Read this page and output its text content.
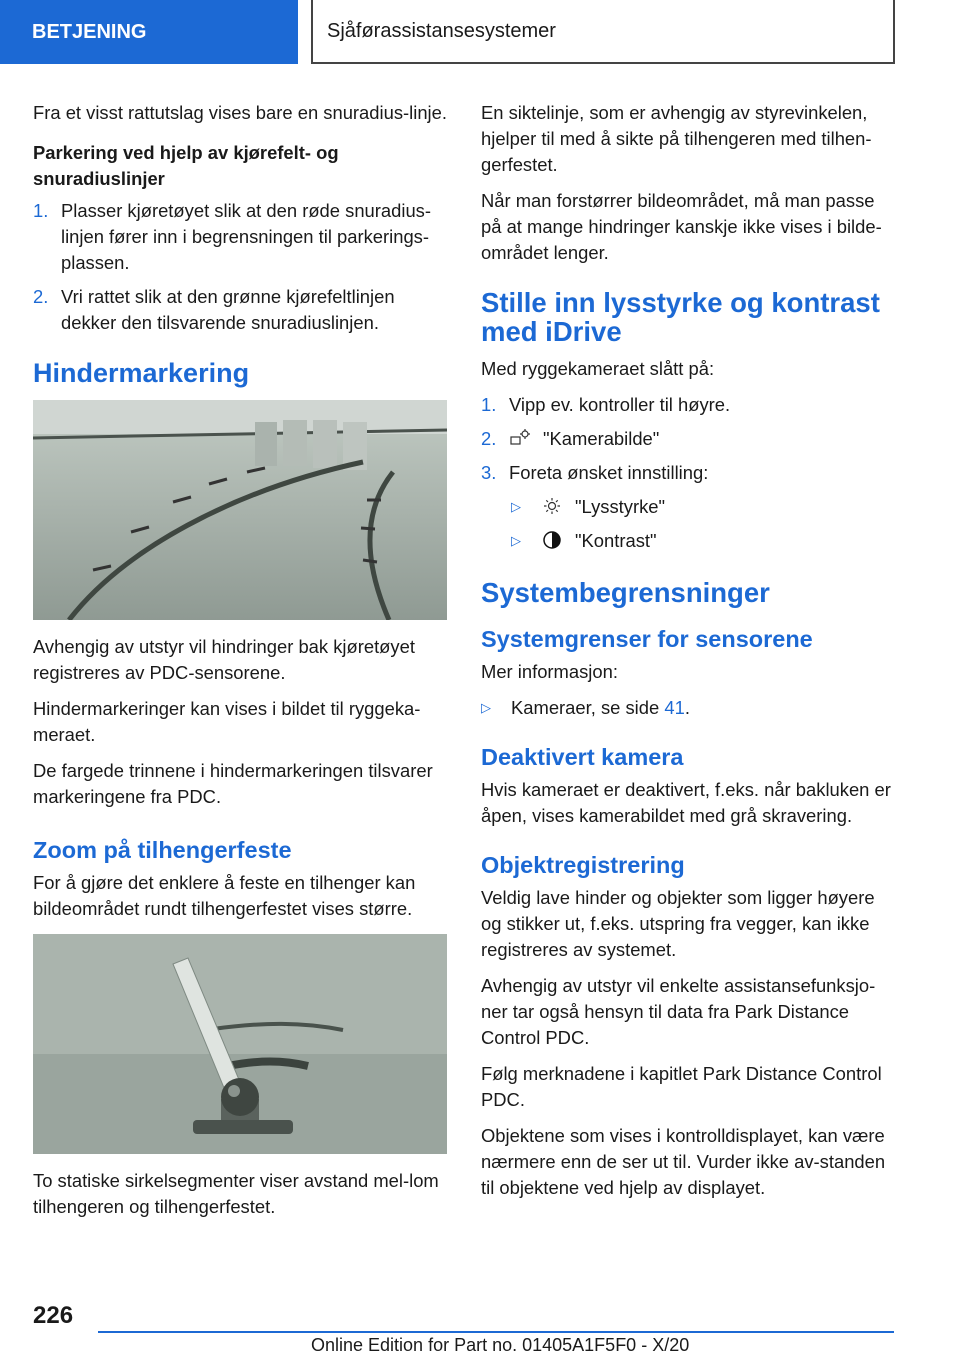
BETJENING	Sjåførassistansesystemer

Fra et visst rattutslag vises bare en snuradius-linje.

Parkering ved hjelp av kjørefelt- og snuradiuslinjer

1. Plasser kjøretøyet slik at den røde snuradius-linjen fører inn i begrensningen til parkerings-plassen.
2. Vri rattet slik at den grønne kjørefeltlinjen dekker den tilsvarende snuradiuslinjen.
Hindermarkering

Avhengig av utstyr vil hindringer bak kjøretøyet registreres av PDC-sensorene.

Hindermarkeringer kan vises i bildet til ryggeka-meraet.

De fargede trinnene i hindermarkeringen tilsvarer markeringene fra PDC.

Zoom på tilhengerfeste

For å gjøre det enklere å feste en tilhenger kan bildeområdet rundt tilhengerfestet vises større.

To statiske sirkelsegmenter viser avstand mel-lom tilhengeren og tilhengerfestet.

En siktelinje, som er avhengig av styrevinkelen, hjelper til med å sikte på tilhengeren med tilhen-gerfestet.

Når man forstørrer bildeområdet, må man passe på at mange hindringer kanskje ikke vises i bilde-området lenger.

Stille inn lysstyrke og kontrast med iDrive

Med ryggekameraet slått på:

1. Vipp ev. kontroller til høyre.
2.	"Kamerabilde"
3. Foreta ønsket innstilling:
▷	"Lysstyrke"
▷	"Kontrast"
Systembegrensninger
Systemgrenser for sensorene

Mer informasjon:

▷	Kameraer, se side 41.
Deaktivert kamera

Hvis kameraet er deaktivert, f.eks. når bakluken er åpen, vises kamerabildet med grå skravering.

Objektregistrering

Veldig lave hinder og objekter som ligger høyere og stikker ut, f.eks. utspring fra vegger, kan ikke registreres av systemet.

Avhengig av utstyr vil enkelte assistansefunksjo-ner tar også hensyn til data fra Park Distance Control PDC.

Følg merknadene i kapitlet Park Distance Control PDC.

Objektene som vises i kontrolldisplayet, kan være nærmere enn de ser ut til. Vurder ikke av-standen til objektene ved hjelp av displayet.

226
Online Edition for Part no. 01405A1F5F0 - X/20
